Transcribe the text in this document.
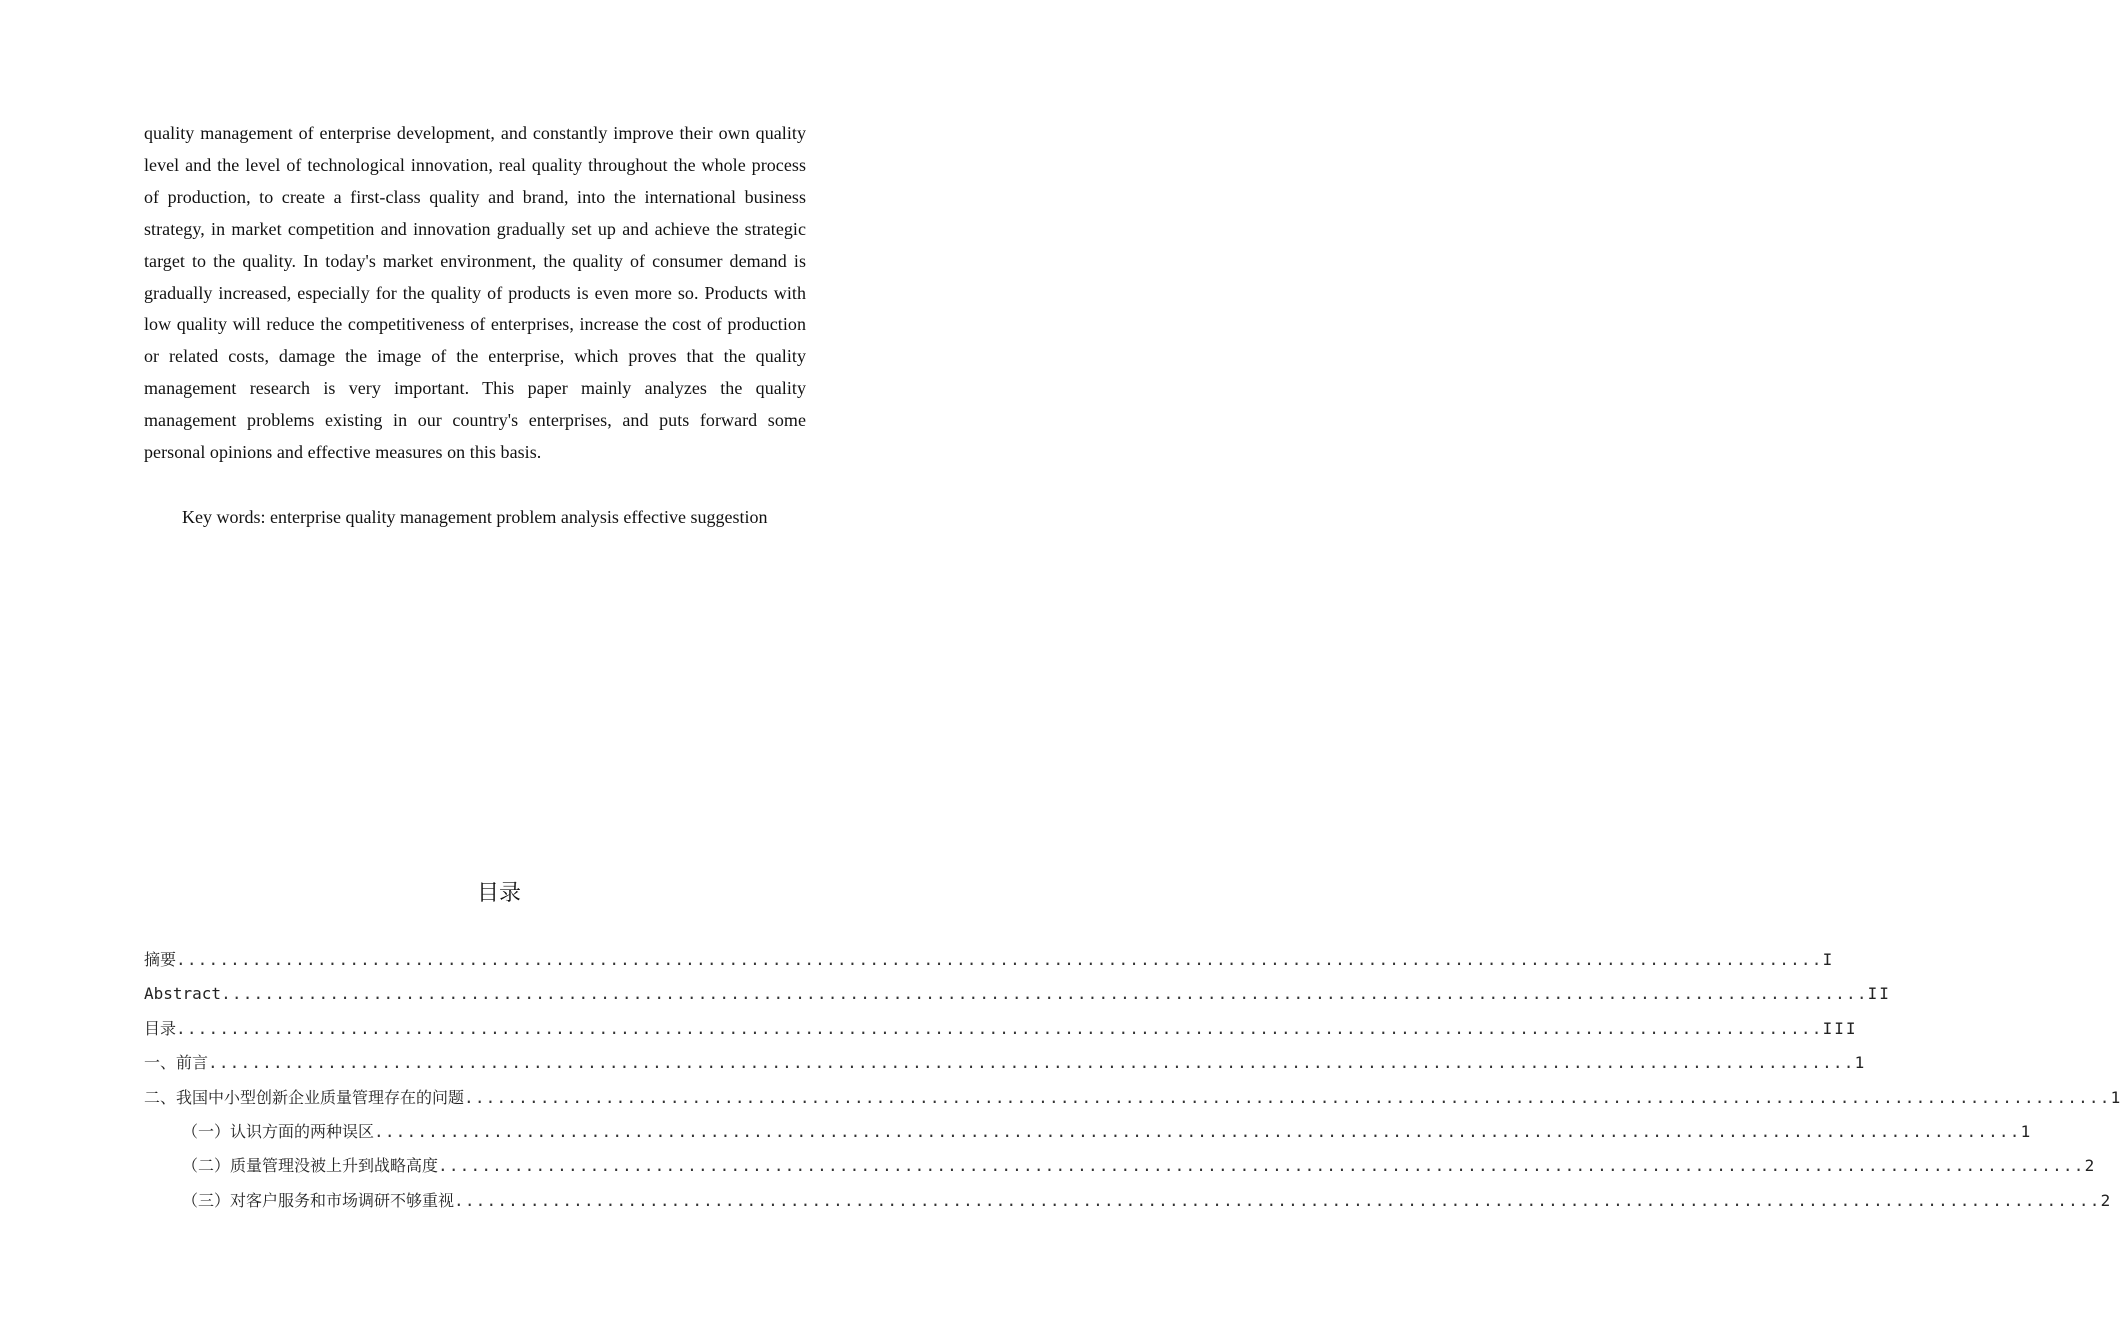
quality management of enterprise development, and constantly improve their own quality level and the level of technological innovation, real quality throughout the whole process of production, to create a first-class quality and brand, into the international business strategy, in market competition and innovation gradually set up and achieve the strategic target to the quality. In today's market environment, the quality of consumer demand is gradually increased, especially for the quality of products is even more so. Products with low quality will reduce the competitiveness of enterprises, increase the cost of production or related costs, damage the image of the enterprise, which proves that the quality management research is very important. This paper mainly analyzes the quality management problems existing in our country's enterprises, and puts forward some personal opinions and effective measures on this basis.

Key words: enterprise quality management problem analysis effective suggestion

目录
摘要 .....	I
Abstract .....	II
目录 .....	III
一、前言 .....	1
二、我国中小型创新企业质量管理存在的问题 .....	1
（一）认识方面的两种误区 .....	1
（二）质量管理没被上升到战略高度 .....	2
（三）对客户服务和市场调研不够重视 .....	2
